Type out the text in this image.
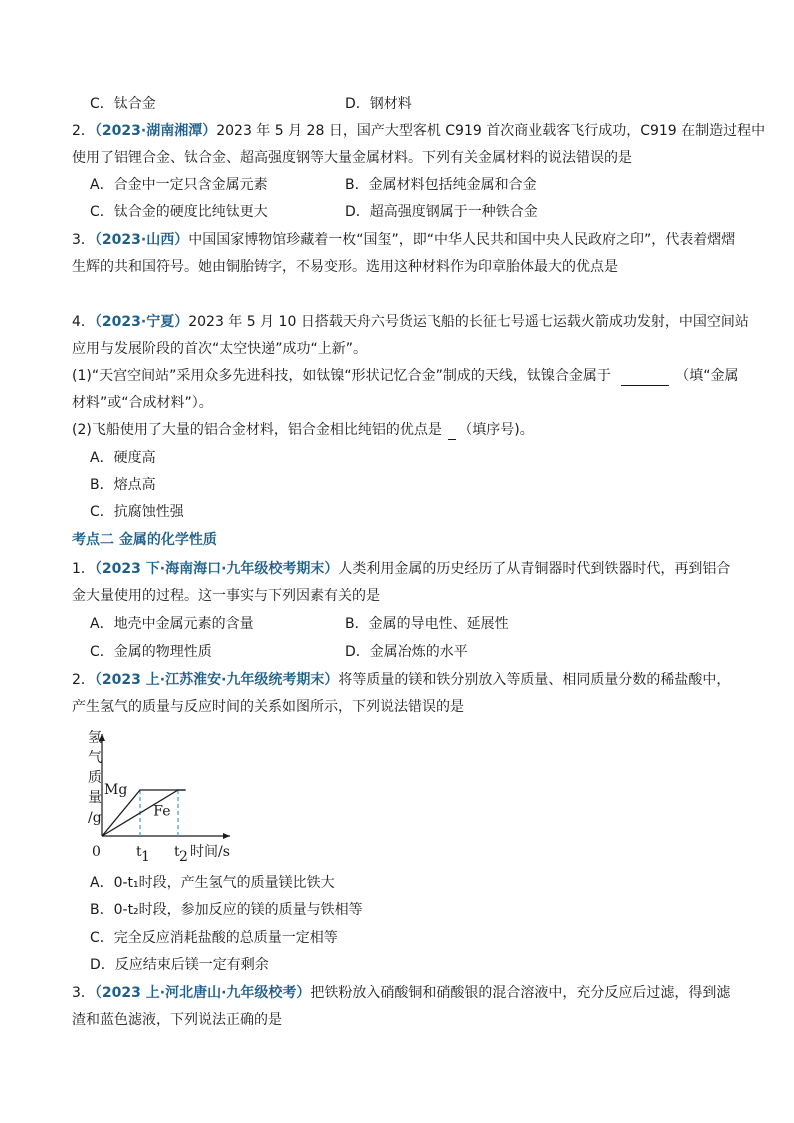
C．钛合金	D．钢材料
2．（2023·湖南湘潭）2023 年 5 月 28 日，国产大型客机 C919 首次商业载客飞行成功，C919 在制造过程中
使用了铝锂合金、钛合金、超高强度钢等大量金属材料。下列有关金属材料的说法错误的是
A．合金中一定只含金属元素	B．金属材料包括纯金属和合金
C．钛合金的硬度比纯钛更大	D．超高强度钢属于一种铁合金
3．（2023·山西）中国国家博物馆珍藏着一枚“国玺”，即“中华人民共和国中央人民政府之印”，代表着熠熠
生辉的共和国符号。她由铜胎铸字，不易变形。选用这种材料作为印章胎体最大的优点是
4．（2023·宁夏）2023 年 5 月 10 日搭载天舟六号货运飞船的长征七号遥七运载火箭成功发射，中国空间站
应用与发展阶段的首次“太空快递”成功“上新”。
(1)“天宫空间站”采用众多先进科技，如钛镍“形状记忆合金”制成的天线，钛镍合金属于	（填“金属
材料”或“合成材料”）。
(2)飞船使用了大量的铝合金材料，铝合金相比纯铝的优点是 （填序号)。
A．硬度高
B．熔点高
C．抗腐蚀性强
考点二 金属的化学性质
1．（2023 下·海南海口·九年级校考期末）人类利用金属的历史经历了从青铜器时代到铁器时代，再到铝合
金大量使用的过程。这一事实与下列因素有关的是
A．地壳中金属元素的含量	B．金属的导电性、延展性
C．金属的物理性质	D．金属冶炼的水平
2．（2023 上·江苏淮安·九年级统考期末）将等质量的镁和铁分别放入等质量、相同质量分数的稀盐酸中，
产生氢气的质量与反应时间的关系如图所示，下列说法错误的是
Mg
Fe
0	t 1 t 2 时间/s
氢
气
质
量
/g
A．0-t₁时段，产生氢气的质量镁比铁大
B．0-t₂时段，参加反应的镁的质量与铁相等
C．完全反应消耗盐酸的总质量一定相等
D．反应结束后镁一定有剩余
3．（2023 上·河北唐山·九年级校考）把铁粉放入硝酸铜和硝酸银的混合溶液中，充分反应后过滤，得到滤
渣和蓝色滤液，下列说法正确的是
